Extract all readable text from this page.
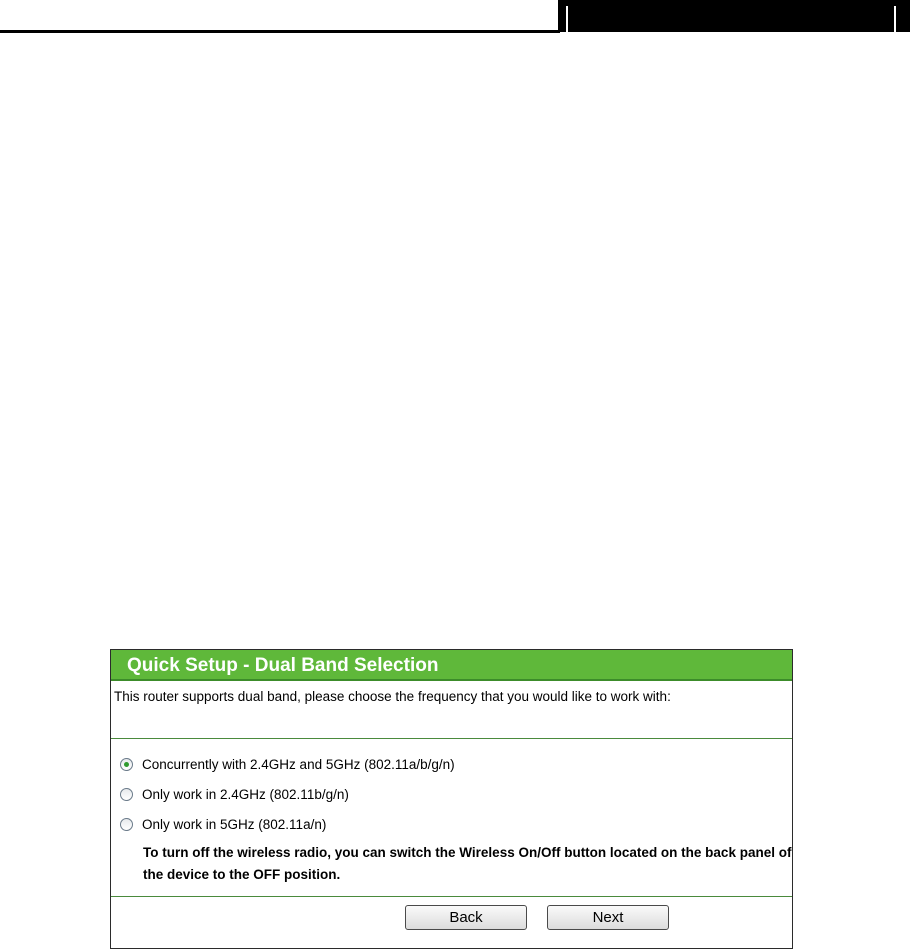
Quick Setup - Dual Band Selection
This router supports dual band, please choose the frequency that you would like to work with:
Concurrently with 2.4GHz and 5GHz (802.11a/b/g/n)
Only work in 2.4GHz (802.11b/g/n)
Only work in 5GHz (802.11a/n)
To turn off the wireless radio, you can switch the Wireless On/Off button located on the back panel of the device to the OFF position.
Back	Next
